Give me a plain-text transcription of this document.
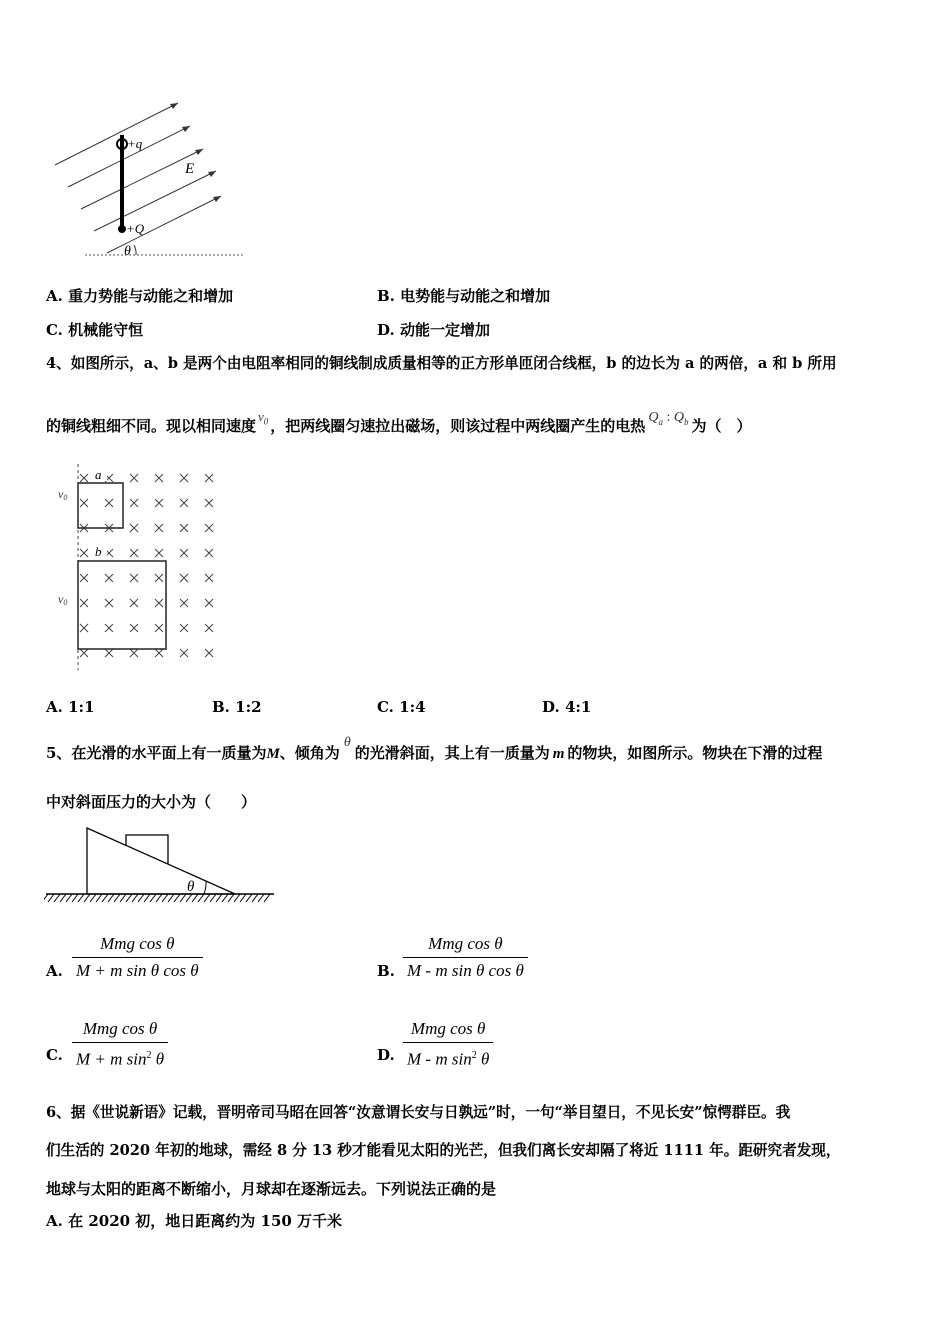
+q
+Q
E
θ
A. 重力势能与动能之和增加	B. 电势能与动能之和增加
C. 机械能守恒	D. 动能一定增加
4、如图所示，a、b 是两个由电阻率相同的铜线制成质量相等的正方形单匝闭合线框，b 的边长为 a 的两倍，a 和 b 所用
的铜线粗细不同。现以相同速度$v_0$ ，把两线圈匀速拉出磁场，则该过程中两线圈产生的电热 $Q_a$ : $Q_b$ 为（　）
a
b
v0
v0
A. 1:1	B. 1:2	C. 1:4	D. 4:1
5、在光滑的水平面上有一质量为M、倾角为θ的光滑斜面，其上有一质量为 m 的物块，如图所示。物块在下滑的过程
中对斜面压力的大小为（　　）
θ
A.
Mmg cos θ
M + m sin θ cos θ	B.
Mmg cos θ
M - m sin θ cos θ
C.
Mmg cos θ
M + m $\sin^2 \theta$	D.
Mmg cos θ
M - m $\sin^2 \theta$
6、据《世说新语》记载，晋明帝司马昭在回答“汝意谓长安与日孰远”时，一句“举目望日，不见长安”惊愕群臣。我
们生活的 2020 年初的地球，需经 8 分 13 秒才能看见太阳的光芒，但我们离长安却隔了将近 1111 年。距研究者发现，
地球与太阳的距离不断缩小，月球却在逐渐远去。下列说法正确的是
A. 在 2020 初，地日距离约为 150 万千米
